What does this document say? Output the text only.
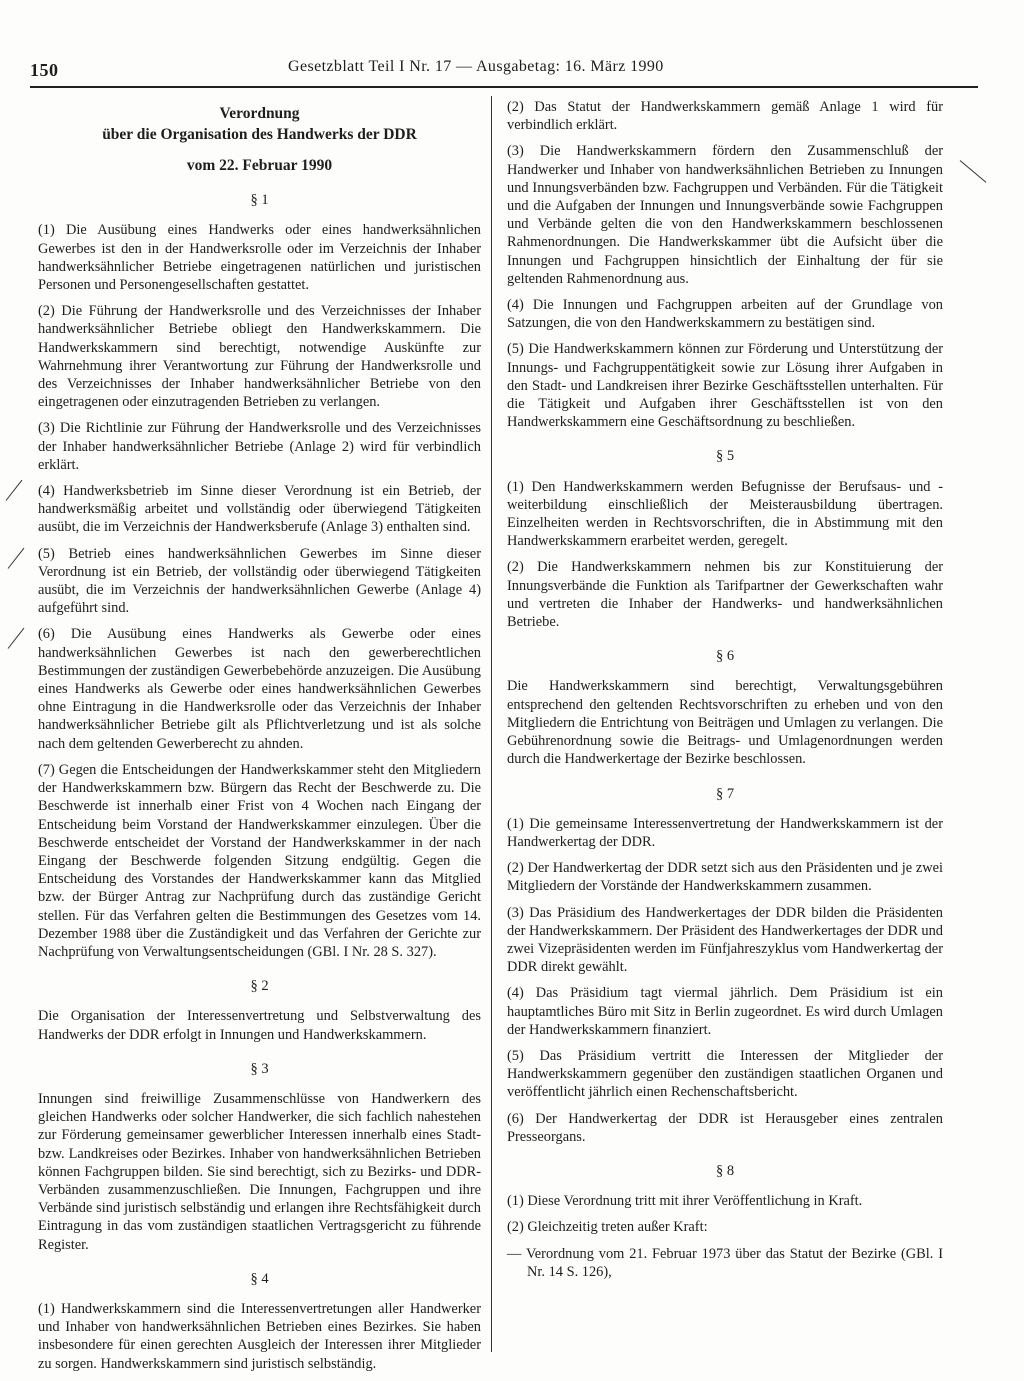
150	Gesetzblatt Teil I Nr. 17 — Ausgabetag: 16. März 1990
Verordnung
über die Organisation des Handwerks der DDR
vom 22. Februar 1990
§ 1

(1) Die Ausübung eines Handwerks oder eines handwerksähnlichen Gewerbes ist den in der Handwerksrolle oder im Verzeichnis der Inhaber handwerksähnlicher Betriebe eingetragenen natürlichen und juristischen Personen und Personengesellschaften gestattet.

(2) Die Führung der Handwerksrolle und des Verzeichnisses der Inhaber handwerksähnlicher Betriebe obliegt den Handwerkskammern. Die Handwerkskammern sind berechtigt, notwendige Auskünfte zur Wahrnehmung ihrer Verantwortung zur Führung der Handwerksrolle und des Verzeichnisses der Inhaber handwerksähnlicher Betriebe von den eingetragenen oder einzutragenden Betrieben zu verlangen.

(3) Die Richtlinie zur Führung der Handwerksrolle und des Verzeichnisses der Inhaber handwerksähnlicher Betriebe (Anlage 2) wird für verbindlich erklärt.

(4) Handwerksbetrieb im Sinne dieser Verordnung ist ein Betrieb, der handwerksmäßig arbeitet und vollständig oder überwiegend Tätigkeiten ausübt, die im Verzeichnis der Handwerksberufe (Anlage 3) enthalten sind.

(5) Betrieb eines handwerksähnlichen Gewerbes im Sinne dieser Verordnung ist ein Betrieb, der vollständig oder überwiegend Tätigkeiten ausübt, die im Verzeichnis der handwerksähnlichen Gewerbe (Anlage 4) aufgeführt sind.

(6) Die Ausübung eines Handwerks als Gewerbe oder eines handwerksähnlichen Gewerbes ist nach den gewerberechtlichen Bestimmungen der zuständigen Gewerbebehörde anzuzeigen. Die Ausübung eines Handwerks als Gewerbe oder eines handwerksähnlichen Gewerbes ohne Eintragung in die Handwerksrolle oder das Verzeichnis der Inhaber handwerksähnlicher Betriebe gilt als Pflichtverletzung und ist als solche nach dem geltenden Gewerberecht zu ahnden.

(7) Gegen die Entscheidungen der Handwerkskammer steht den Mitgliedern der Handwerkskammern bzw. Bürgern das Recht der Beschwerde zu. Die Beschwerde ist innerhalb einer Frist von 4 Wochen nach Eingang der Entscheidung beim Vorstand der Handwerkskammer einzulegen. Über die Beschwerde entscheidet der Vorstand der Handwerkskammer in der nach Eingang der Beschwerde folgenden Sitzung endgültig. Gegen die Entscheidung des Vorstandes der Handwerkskammer kann das Mitglied bzw. der Bürger Antrag zur Nachprüfung durch das zuständige Gericht stellen. Für das Verfahren gelten die Bestimmungen des Gesetzes vom 14. Dezember 1988 über die Zuständigkeit und das Verfahren der Gerichte zur Nachprüfung von Verwaltungsentscheidungen (GBl. I Nr. 28 S. 327).

§ 2

Die Organisation der Interessenvertretung und Selbstverwaltung des Handwerks der DDR erfolgt in Innungen und Handwerkskammern.

§ 3

Innungen sind freiwillige Zusammenschlüsse von Handwerkern des gleichen Handwerks oder solcher Handwerker, die sich fachlich nahestehen zur Förderung gemeinsamer gewerblicher Interessen innerhalb eines Stadt- bzw. Landkreises oder Bezirkes. Inhaber von handwerksähnlichen Betrieben können Fachgruppen bilden. Sie sind berechtigt, sich zu Bezirks- und DDR-Verbänden zusammenzuschließen. Die Innungen, Fachgruppen und ihre Verbände sind juristisch selbständig und erlangen ihre Rechtsfähigkeit durch Eintragung in das vom zuständigen staatlichen Vertragsgericht zu führende Register.

§ 4

(1) Handwerkskammern sind die Interessenvertretungen aller Handwerker und Inhaber von handwerksähnlichen Betrieben eines Bezirkes. Sie haben insbesondere für einen gerechten Ausgleich der Interessen ihrer Mitglieder zu sorgen. Handwerkskammern sind juristisch selbständig.

(2) Das Statut der Handwerkskammern gemäß Anlage 1 wird für verbindlich erklärt.

(3) Die Handwerkskammern fördern den Zusammenschluß der Handwerker und Inhaber von handwerksähnlichen Betrieben zu Innungen und Innungsverbänden bzw. Fachgruppen und Verbänden. Für die Tätigkeit und die Aufgaben der Innungen und Innungsverbände sowie Fachgruppen und Verbände gelten die von den Handwerkskammern beschlossenen Rahmenordnungen. Die Handwerkskammer übt die Aufsicht über die Innungen und Fachgruppen hinsichtlich der Einhaltung der für sie geltenden Rahmenordnung aus.

(4) Die Innungen und Fachgruppen arbeiten auf der Grundlage von Satzungen, die von den Handwerkskammern zu bestätigen sind.

(5) Die Handwerkskammern können zur Förderung und Unterstützung der Innungs- und Fachgruppentätigkeit sowie zur Lösung ihrer Aufgaben in den Stadt- und Landkreisen ihrer Bezirke Geschäftsstellen unterhalten. Für die Tätigkeit und Aufgaben ihrer Geschäftsstellen ist von den Handwerkskammern eine Geschäftsordnung zu beschließen.

§ 5

(1) Den Handwerkskammern werden Befugnisse der Berufsaus- und -weiterbildung einschließlich der Meisterausbildung übertragen. Einzelheiten werden in Rechtsvorschriften, die in Abstimmung mit den Handwerkskammern erarbeitet werden, geregelt.

(2) Die Handwerkskammern nehmen bis zur Konstituierung der Innungsverbände die Funktion als Tarifpartner der Gewerkschaften wahr und vertreten die Inhaber der Handwerks- und handwerksähnlichen Betriebe.

§ 6

Die Handwerkskammern sind berechtigt, Verwaltungsgebühren entsprechend den geltenden Rechtsvorschriften zu erheben und von den Mitgliedern die Entrichtung von Beiträgen und Umlagen zu verlangen. Die Gebührenordnung sowie die Beitrags- und Umlagenordnungen werden durch die Handwerkertage der Bezirke beschlossen.

§ 7

(1) Die gemeinsame Interessenvertretung der Handwerkskammern ist der Handwerkertag der DDR.

(2) Der Handwerkertag der DDR setzt sich aus den Präsidenten und je zwei Mitgliedern der Vorstände der Handwerkskammern zusammen.

(3) Das Präsidium des Handwerkertages der DDR bilden die Präsidenten der Handwerkskammern. Der Präsident des Handwerkertages der DDR und zwei Vizepräsidenten werden im Fünfjahreszyklus vom Handwerkertag der DDR direkt gewählt.

(4) Das Präsidium tagt viermal jährlich. Dem Präsidium ist ein hauptamtliches Büro mit Sitz in Berlin zugeordnet. Es wird durch Umlagen der Handwerkskammern finanziert.

(5) Das Präsidium vertritt die Interessen der Mitglieder der Handwerkskammern gegenüber den zuständigen staatlichen Organen und veröffentlicht jährlich einen Rechenschaftsbericht.

(6) Der Handwerkertag der DDR ist Herausgeber eines zentralen Presseorgans.

§ 8

(1) Diese Verordnung tritt mit ihrer Veröffentlichung in Kraft.

(2) Gleichzeitig treten außer Kraft:

— Verordnung vom 21. Februar 1973 über das Statut der Bezirke (GBl. I Nr. 14 S. 126),
